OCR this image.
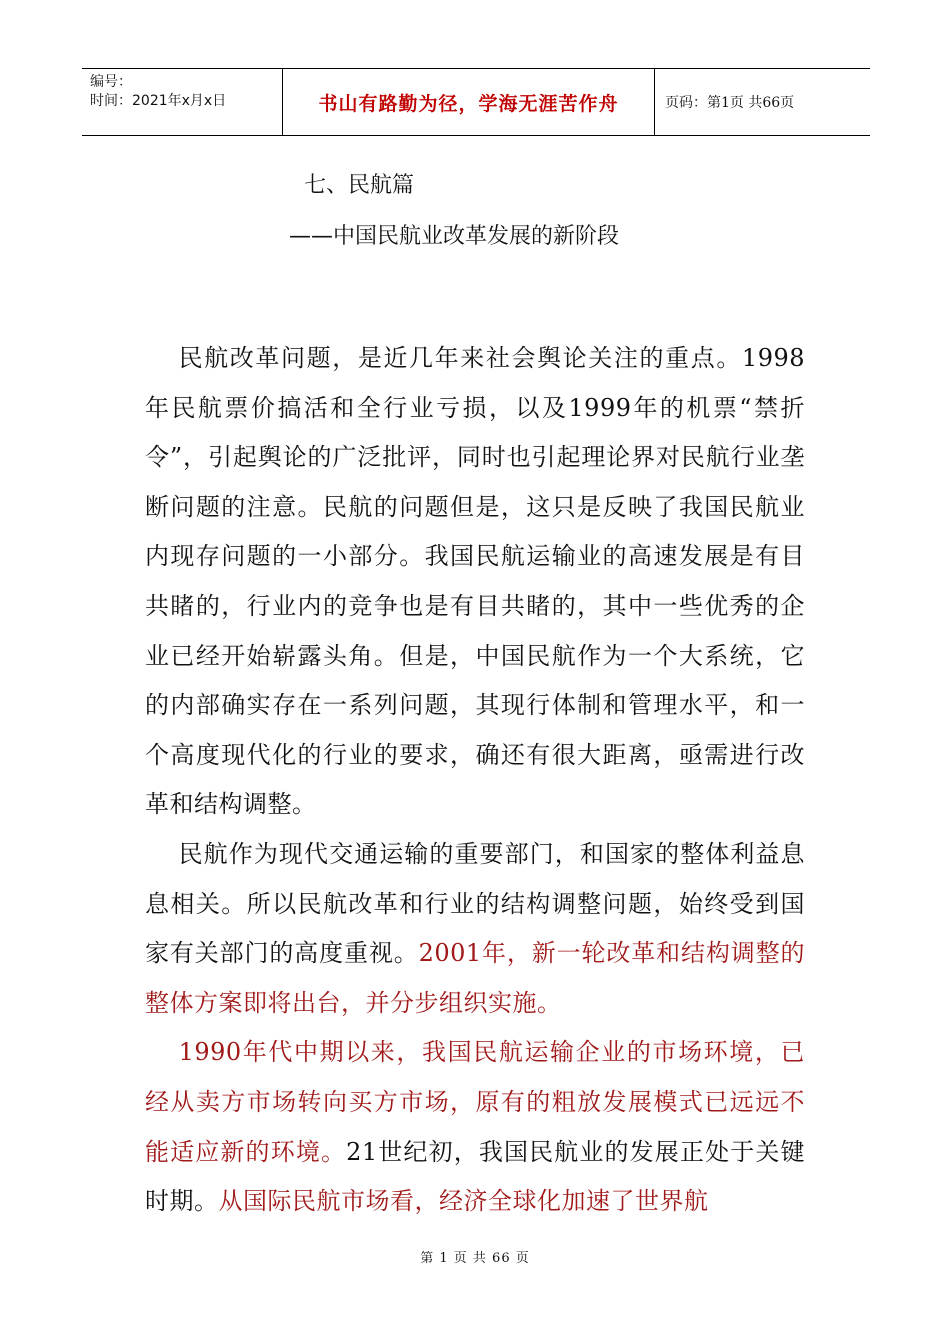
编号：
时间：2021年x月x日	书山有路勤为径，学海无涯苦作舟	页码：第1页 共66页
七、民航篇
——中国民航业改革发展的新阶段

民航改革问题，是近几年来社会舆论关注的重点。1998年民航票价搞活和全行业亏损，以及1999年的机票“禁折令”，引起舆论的广泛批评，同时也引起理论界对民航行业垄断问题的注意。民航的问题但是，这只是反映了我国民航业内现存问题的一小部分。我国民航运输业的高速发展是有目共睹的，行业内的竞争也是有目共睹的，其中一些优秀的企业已经开始崭露头角。但是，中国民航作为一个大系统，它的内部确实存在一系列问题，其现行体制和管理水平，和一个高度现代化的行业的要求，确还有很大距离，亟需进行改革和结构调整。

民航作为现代交通运输的重要部门，和国家的整体利益息息相关。所以民航改革和行业的结构调整问题，始终受到国家有关部门的高度重视。2001年，新一轮改革和结构调整的整体方案即将出台，并分步组织实施。

1990年代中期以来，我国民航运输企业的市场环境，已经从卖方市场转向买方市场，原有的粗放发展模式已远远不能适应新的环境。21世纪初，我国民航业的发展正处于关键时期。从国际民航市场看，经济全球化加速了世界航

第 1 页 共 66 页
